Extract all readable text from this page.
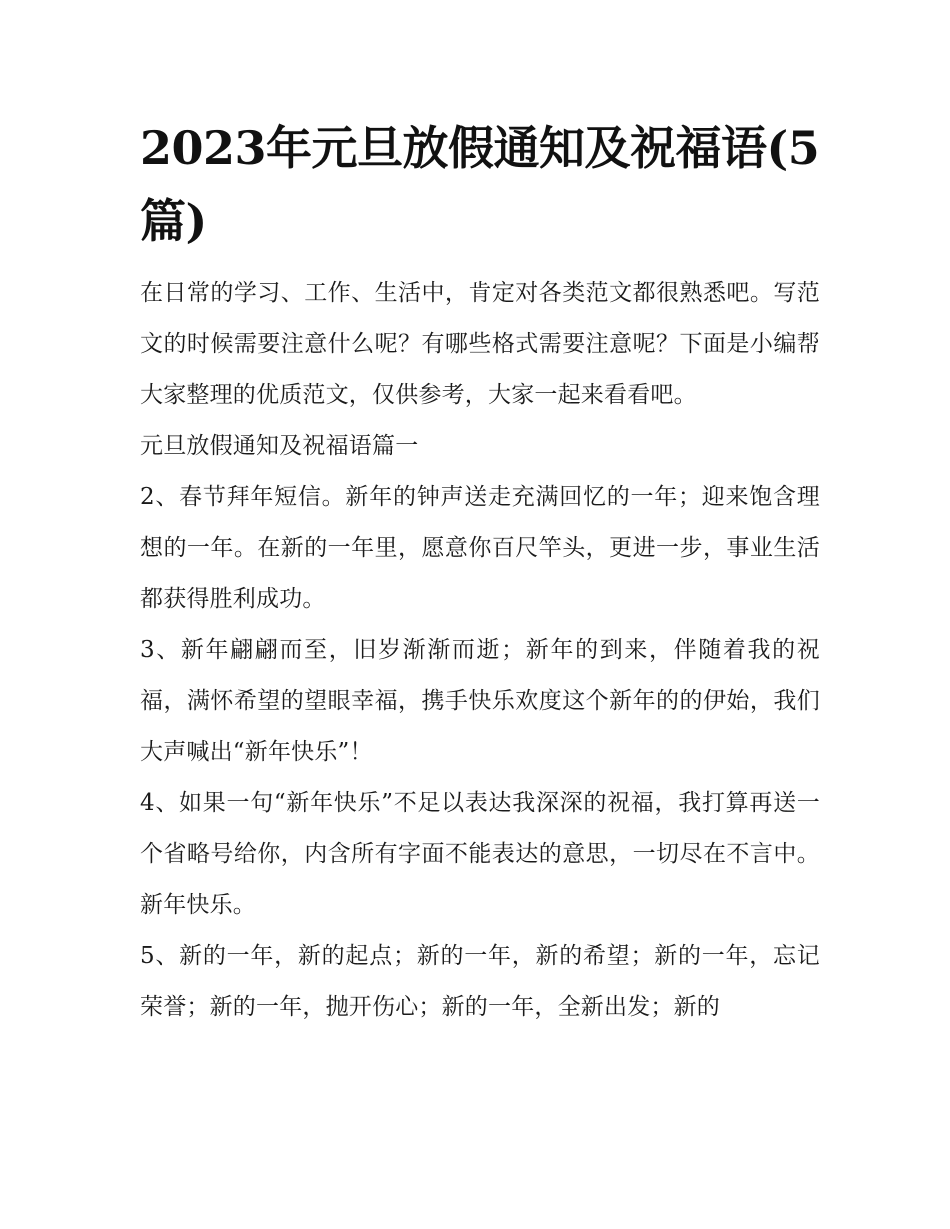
2023年元旦放假通知及祝福语(5篇)

在日常的学习、工作、生活中，肯定对各类范文都很熟悉吧。写范文的时候需要注意什么呢？有哪些格式需要注意呢？下面是小编帮大家整理的优质范文，仅供参考，大家一起来看看吧。

元旦放假通知及祝福语篇一

2、春节拜年短信。新年的钟声送走充满回忆的一年；迎来饱含理想的一年。在新的一年里，愿意你百尺竿头，更进一步，事业生活都获得胜利成功。

3、新年翩翩而至，旧岁渐渐而逝；新年的到来，伴随着我的祝福，满怀希望的望眼幸福，携手快乐欢度这个新年的的伊始，我们大声喊出“新年快乐”！

4、如果一句“新年快乐”不足以表达我深深的祝福，我打算再送一个省略号给你，内含所有字面不能表达的意思，一切尽在不言中。新年快乐。

5、新的一年，新的起点；新的一年，新的希望；新的一年，忘记荣誉；新的一年，抛开伤心；新的一年，全新出发；新的
